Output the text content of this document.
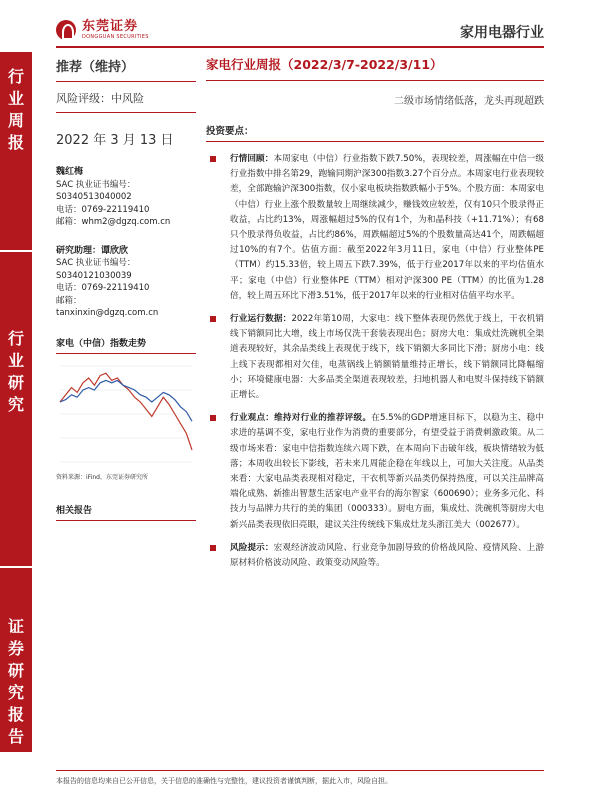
东莞证券
DONGGUAN SECURITIES	家用电器行业
行
业
周
报
行
业
研
究
证
券
研
究
报
告
推荐（维持）
风险评级：中风险
2022 年 3 月 13 日
魏红梅
SAC 执业证书编号：
S0340513040002
电话：0769-22119410
邮箱：whm2@dgzq.com.cn
研究助理：谭欣欣
SAC 执业证书编号：
S0340121030039
电话：0769-22119410
邮箱：
tanxinxin@dgzq.com.cn
家电（中信）指数走势
资料来源：iFind，东莞证券研究所
相关报告
家电行业周报（2022/3/7-2022/3/11）
二级市场情绪低落，龙头再现超跌
投资要点：
行情回顾：本周家电（中信）行业指数下跌7.50%，表现较差，周涨幅在中信一级行业指数中排名第29，跑输同期沪深300指数3.27个百分点。本周家电行业表现较差，全部跑输沪深300指数，仅小家电板块指数跌幅小于5%。个股方面：本周家电（中信）行业上涨个股数量较上周继续减少，赚钱效应较差，仅有10只个股录得正收益，占比约13%，周涨幅超过5%的仅有1个，为和晶科技（+11.71%）；有68只个股录得负收益，占比约86%，周跌幅超过5%的个股数量高达41个，周跌幅超过10%的有7个。估值方面：截至2022年3月11日，家电（中信）行业整体PE（TTM）约15.33倍，较上周五下跌7.39%，低于行业2017年以来的平均估值水平；家电（中信）行业整体PE（TTM）相对沪深300 PE（TTM）的比值为1.28倍，较上周五环比下滑3.51%，低于2017年以来的行业相对估值平均水平。
行业运行数据：2022年第10周，大家电：线下整体表现仍然优于线上，干衣机销线下销额同比大增，线上市场仅洗干套装表现出色；厨房大电：集成灶洗碗机全渠道表现较好，其余品类线上表现优于线下，线下销额大多同比下滑；厨房小电：线上线下表现都相对欠佳，电蒸锅线上销额销量维持正增长，线下销额同比降幅缩小；环境健康电器：大多品类全渠道表现较差，扫地机器人和电熨斗保持线下销额正增长。
行业观点：维持对行业的推荐评级。在5.5%的GDP增速目标下，以稳为主、稳中求进的基调不变，家电行业作为消费的重要部分，有望受益于消费刺激政策。从二级市场来看：家电中信指数连续六周下跌，在本周向下击破年线，板块情绪较为低落；本周收出较长下影线，若未来几周能企稳在年线以上，可加大关注度。从品类来看：大家电品类表现相对稳定，干衣机等新兴品类仍保持热度，可以关注品牌高端化成熟、新推出智慧生活家电产业平台的海尔智家（600690）；业务多元化、科技力与品牌力共行的美的集团（000333）。厨电方面，集成灶、洗碗机等厨房大电新兴品类表现依旧亮眼，建议关注传统线下集成灶龙头浙江美大（002677）。
风险提示：宏观经济波动风险、行业竞争加剧导致的价格战风险、疫情风险、上游原材料价格波动风险、政策变动风险等。
本报告的信息均来自已公开信息，关于信息的准确性与完整性，建议投资者谨慎判断，据此入市，风险自担。
